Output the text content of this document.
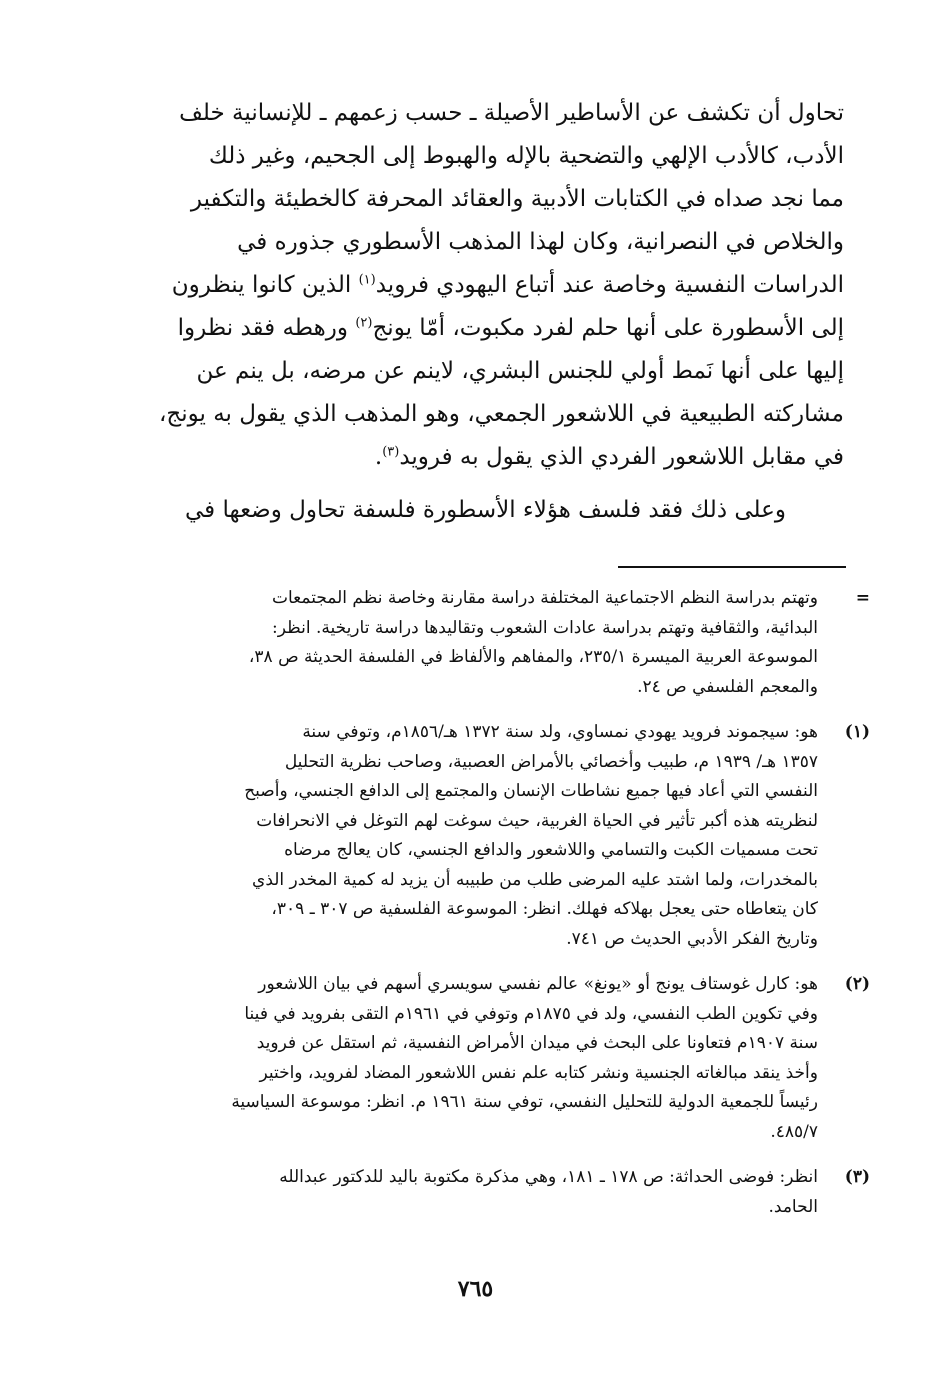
تحاول أن تكشف عن الأساطير الأصيلة ـ حسب زعمهم ـ للإنسانية خلف
الأدب، كالأدب الإلهي والتضحية بالإله والهبوط إلى الجحيم، وغير ذلك
مما نجد صداه في الكتابات الأدبية والعقائد المحرفة كالخطيئة والتكفير
والخلاص في النصرانية، وكان لهذا المذهب الأسطوري جذوره في
الدراسات النفسية وخاصة عند أتباع اليهودي فرويد$^{(١)}$ الذين كانوا ينظرون
إلى الأسطورة على أنها حلم لفرد مكبوت، أمّا يونج$^{(٢)}$ ورهطه فقد نظروا
إليها على أنها نَمط أولي للجنس البشري، لاينم عن مرضه، بل ينم عن
مشاركته الطبيعية في اللاشعور الجمعي، وهو المذهب الذي يقول به يونج،
في مقابل اللاشعور الفردي الذي يقول به فرويد$^{(٣)}$.
وعلى ذلك فقد فلسف هؤلاء الأسطورة فلسفة تحاول وضعها في
=
وتهتم بدراسة النظم الاجتماعية المختلفة دراسة مقارنة وخاصة نظم المجتمعات
البدائية، والثقافية وتهتم بدراسة عادات الشعوب وتقاليدها دراسة تاريخية. انظر:
الموسوعة العربية الميسرة ٢٣٥/١، والمفاهم والألفاظ في الفلسفة الحديثة ص ٣٨،
والمعجم الفلسفي ص ٢٤.
(١)
هو: سيجموند فرويد يهودي نمساوي، ولد سنة ١٣٧٢ هـ/١٨٥٦م، وتوفي سنة
١٣٥٧ هـ/ ١٩٣٩ م، طبيب وأخصائي بالأمراض العصبية، وصاحب نظرية التحليل
النفسي التي أعاد فيها جميع نشاطات الإنسان والمجتمع إلى الدافع الجنسي، وأصبح
لنظريته هذه أكبر تأثير في الحياة الغربية، حيث سوغت لهم التوغل في الانحرافات
تحت مسميات الكبت والتسامي واللاشعور والدافع الجنسي، كان يعالج مرضاه
بالمخدرات، ولما اشتد عليه المرضى طلب من طبيبه أن يزيد له كمية المخدر الذي
كان يتعاطاه حتى يعجل بهلاكه فهلك. انظر: الموسوعة الفلسفية ص ٣٠٧ ـ ٣٠٩،
وتاريخ الفكر الأدبي الحديث ص ٧٤١.
(٢)
هو: كارل غوستاف يونج أو «يونغ» عالم نفسي سويسري أسهم في بيان اللاشعور
وفي تكوين الطب النفسي، ولد في ١٨٧٥م وتوفي في ١٩٦١م التقى بفرويد في فينا
سنة ١٩٠٧م فتعاونا على البحث في ميدان الأمراض النفسية، ثم استقل عن فرويد
وأخذ ينقد مبالغاته الجنسية ونشر كتابه علم نفس اللاشعور المضاد لفرويد، واختير
رئيساً للجمعية الدولية للتحليل النفسي، توفي سنة ١٩٦١ م. انظر: موسوعة السياسية
٤٨٥/٧.
(٣)
انظر: فوضى الحداثة: ص ١٧٨ ـ ١٨١، وهي مذكرة مكتوبة باليد للدكتور عبدالله
الحامد.
٧٦٥
